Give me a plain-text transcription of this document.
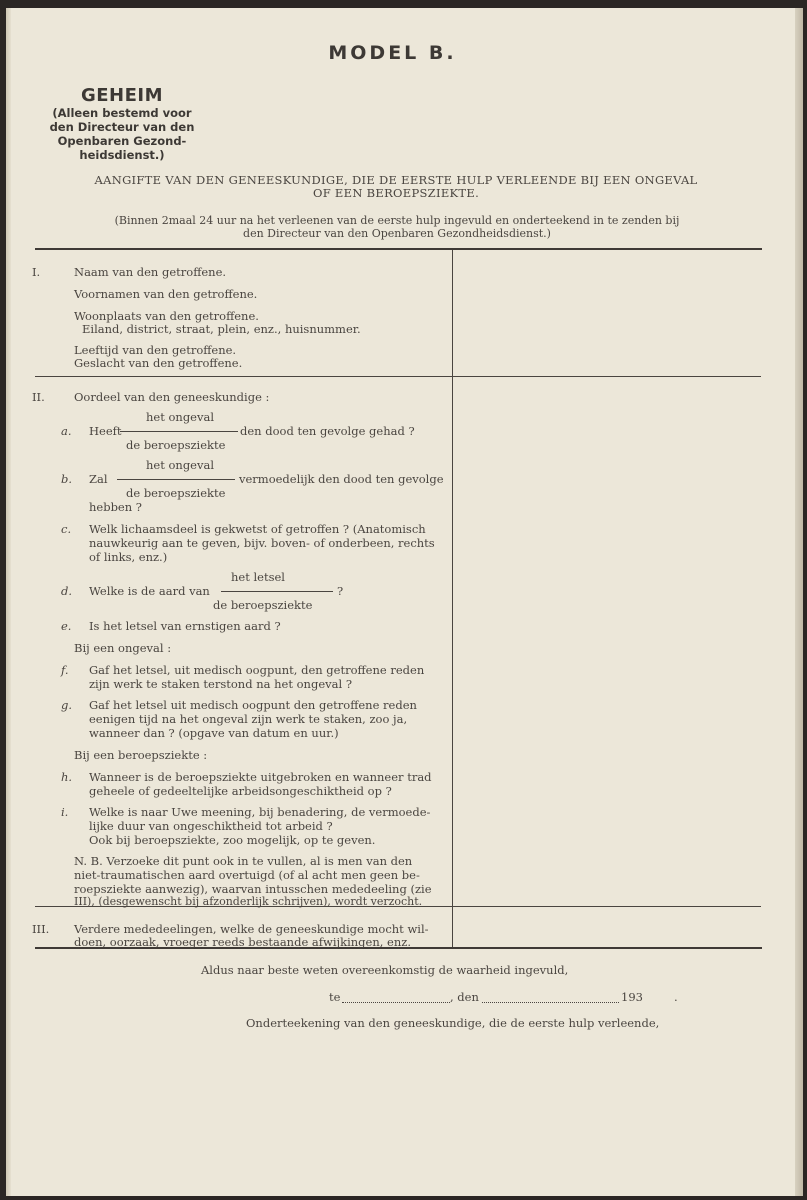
MODEL B.
GEHEIM
(Alleen bestemd voor
den Directeur van den
Openbaren Gezond-
heidsdienst.)
AANGIFTE VAN DEN GENEESKUNDIGE, DIE DE EERSTE HULP VERLEENDE BIJ EEN ONGEVAL
OF EEN BEROEPSZIEKTE.
(Binnen 2maal 24 uur na het verleenen van de eerste hulp ingevuld en onderteekend in te zenden bij
den Directeur van den Openbaren Gezondheidsdienst.)
I.	Naam van den getroffene.
Voornamen van den getroffene.
Woonplaats van den getroffene.
Eiland, district, straat, plein, enz., huisnummer.
Leeftijd van den getroffene.
Geslacht van den getroffene.
II.	Oordeel van den geneeskundige :
het ongeval
a. Heeft	den dood ten gevolge gehad ?
de beroepsziekte
het ongeval
b. Zal	vermoedelijk den dood ten gevolge
de beroepsziekte
hebben ?
c. Welk lichaamsdeel is gekwetst of getroffen ? (Anatomisch
nauwkeurig aan te geven, bijv. boven- of onderbeen, rechts
of links, enz.)
het letsel
d. Welke is de aard van	?
de beroepsziekte
e. Is het letsel van ernstigen aard ?
Bij een ongeval :
f. Gaf het letsel, uit medisch oogpunt, den getroffene reden
zijn werk te staken terstond na het ongeval ?
g. Gaf het letsel uit medisch oogpunt den getroffene reden
eenigen tijd na het ongeval zijn werk te staken, zoo ja,
wanneer dan ? (opgave van datum en uur.)
Bij een beroepsziekte :
h. Wanneer is de beroepsziekte uitgebroken en wanneer trad
geheele of gedeeltelijke arbeidsongeschiktheid op ?
i. Welke is naar Uwe meening, bij benadering, de vermoede-
lijke duur van ongeschiktheid tot arbeid ?
Ook bij beroepsziekte, zoo mogelijk, op te geven.
N. B. Verzoeke dit punt ook in te vullen, al is men van den
niet-traumatischen aard overtuigd (of al acht men geen be-
roepsziekte aanwezig), waarvan intusschen mededeeling (zie
III), (desgewenscht bij afzonderlijk schrijven), wordt verzocht.
III. Verdere mededeelingen, welke de geneeskundige mocht wil-
doen, oorzaak, vroeger reeds bestaande afwijkingen, enz.
Aldus naar beste weten overeenkomstig de waarheid ingevuld,
te	, den	193	.
Onderteekening van den geneeskundige, die de eerste hulp verleende,
